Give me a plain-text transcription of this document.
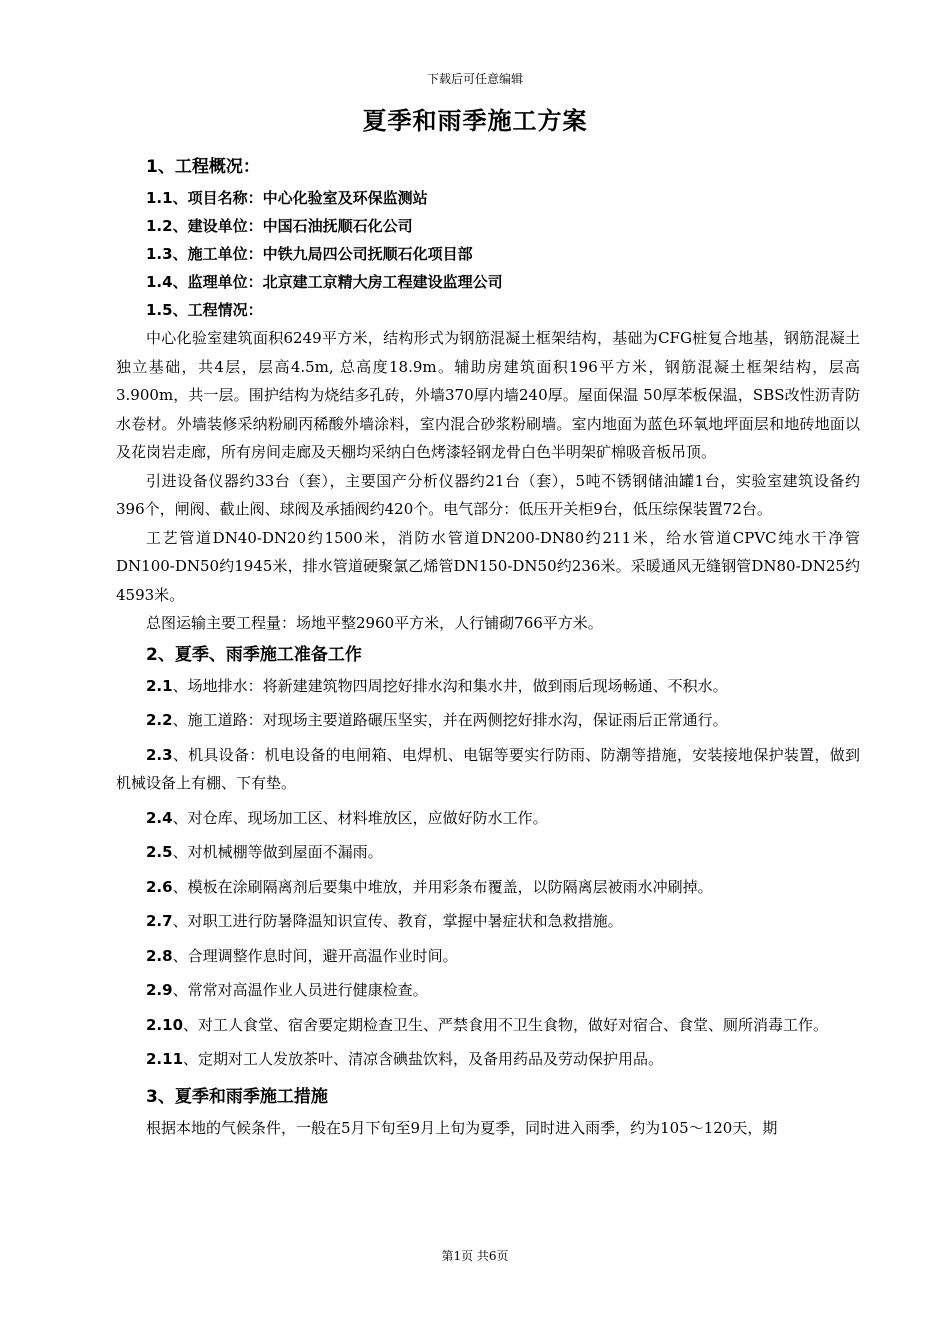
下载后可任意编辑
夏季和雨季施工方案
1、工程概况：
1.1、项目名称：中心化验室及环保监测站
1.2、建设单位：中国石油抚顺石化公司
1.3、施工单位：中铁九局四公司抚顺石化项目部
1.4、监理单位：北京建工京精大房工程建设监理公司
1.5、工程情况：

中心化验室建筑面积6249平方米，结构形式为钢筋混凝土框架结构，基础为CFG桩复合地基，钢筋混凝土独立基础，共4层，层高4.5m, 总高度18.9m。辅助房建筑面积196平方米，钢筋混凝土框架结构，层高3.900m，共一层。围护结构为烧结多孔砖，外墙370厚内墙240厚。屋面保温 50厚苯板保温，SBS改性沥青防水卷材。外墙装修采纳粉刷丙稀酸外墙涂料，室内混合砂浆粉刷墙。室内地面为蓝色环氧地坪面层和地砖地面以及花岗岩走廊，所有房间走廊及天棚均采纳白色烤漆轻钢龙骨白色半明架矿棉吸音板吊顶。

引进设备仪器约33台（套），主要国产分析仪器约21台（套），5吨不锈钢储油罐1台，实验室建筑设备约396个，闸阀、截止阀、球阀及承插阀约420个。电气部分：低压开关柜9台，低压综保装置72台。

工艺管道DN40-DN20约1500米，消防水管道DN200-DN80约211米，给水管道CPVC纯水干净管DN100-DN50约1945米，排水管道硬聚氯乙烯管DN150-DN50约236米。采暖通风无缝钢管DN80-DN25约4593米。

总图运输主要工程量：场地平整2960平方米，人行铺砌766平方米。

2、夏季、雨季施工准备工作

2.1、场地排水：将新建建筑物四周挖好排水沟和集水井，做到雨后现场畅通、不积水。

2.2、施工道路：对现场主要道路碾压坚实，并在两侧挖好排水沟，保证雨后正常通行。

2.3、机具设备：机电设备的电闸箱、电焊机、电锯等要实行防雨、防潮等措施，安装接地保护装置，做到机械设备上有棚、下有垫。

2.4、对仓库、现场加工区、材料堆放区，应做好防水工作。

2.5、对机械棚等做到屋面不漏雨。

2.6、模板在涂刷隔离剂后要集中堆放，并用彩条布覆盖，以防隔离层被雨水冲刷掉。

2.7、对职工进行防暑降温知识宣传、教育，掌握中暑症状和急救措施。

2.8、合理调整作息时间，避开高温作业时间。

2.9、常常对高温作业人员进行健康检查。

2.10、对工人食堂、宿舍要定期检查卫生、严禁食用不卫生食物，做好对宿合、食堂、厕所消毒工作。

2.11、定期对工人发放茶叶、清凉含碘盐饮料，及备用药品及劳动保护用品。

3、夏季和雨季施工措施

根据本地的气候条件，一般在5月下旬至9月上旬为夏季，同时进入雨季，约为105～120天，期

第1页 共6页
